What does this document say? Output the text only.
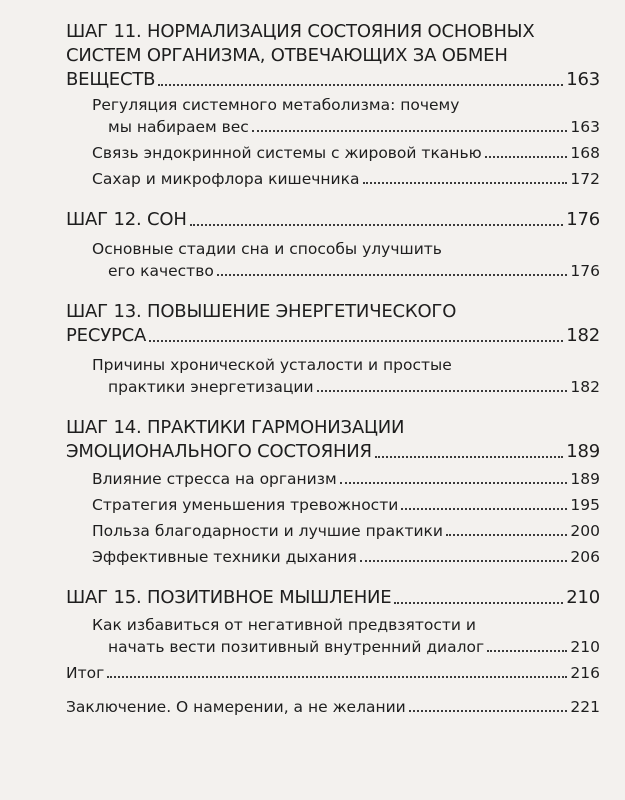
ШАГ 11. НОРМАЛИЗАЦИЯ СОСТОЯНИЯ ОСНОВНЫХ
СИСТЕМ ОРГАНИЗМА, ОТВЕЧАЮЩИХ ЗА ОБМЕН
ВЕЩЕСТВ	163
Регуляция системного метаболизма: почему
мы набираем вес	163
Связь эндокринной системы с жировой тканью	168
Сахар и микрофлора кишечника	172
ШАГ 12. СОН	176
Основные стадии сна и способы улучшить
его качество	176
ШАГ 13. ПОВЫШЕНИЕ ЭНЕРГЕТИЧЕСКОГО
РЕСУРСА	182
Причины хронической усталости и простые
практики энергетизации	182
ШАГ 14. ПРАКТИКИ ГАРМОНИЗАЦИИ
ЭМОЦИОНАЛЬНОГО СОСТОЯНИЯ	189
Влияние стресса на организм	189
Стратегия уменьшения тревожности	195
Польза благодарности и лучшие практики	200
Эффективные техники дыхания	206
ШАГ 15. ПОЗИТИВНОЕ МЫШЛЕНИЕ	210
Как избавиться от негативной предвзятости и
начать вести позитивный внутренний диалог	210
Итог	216
Заключение. О намерении, а не желании	221
